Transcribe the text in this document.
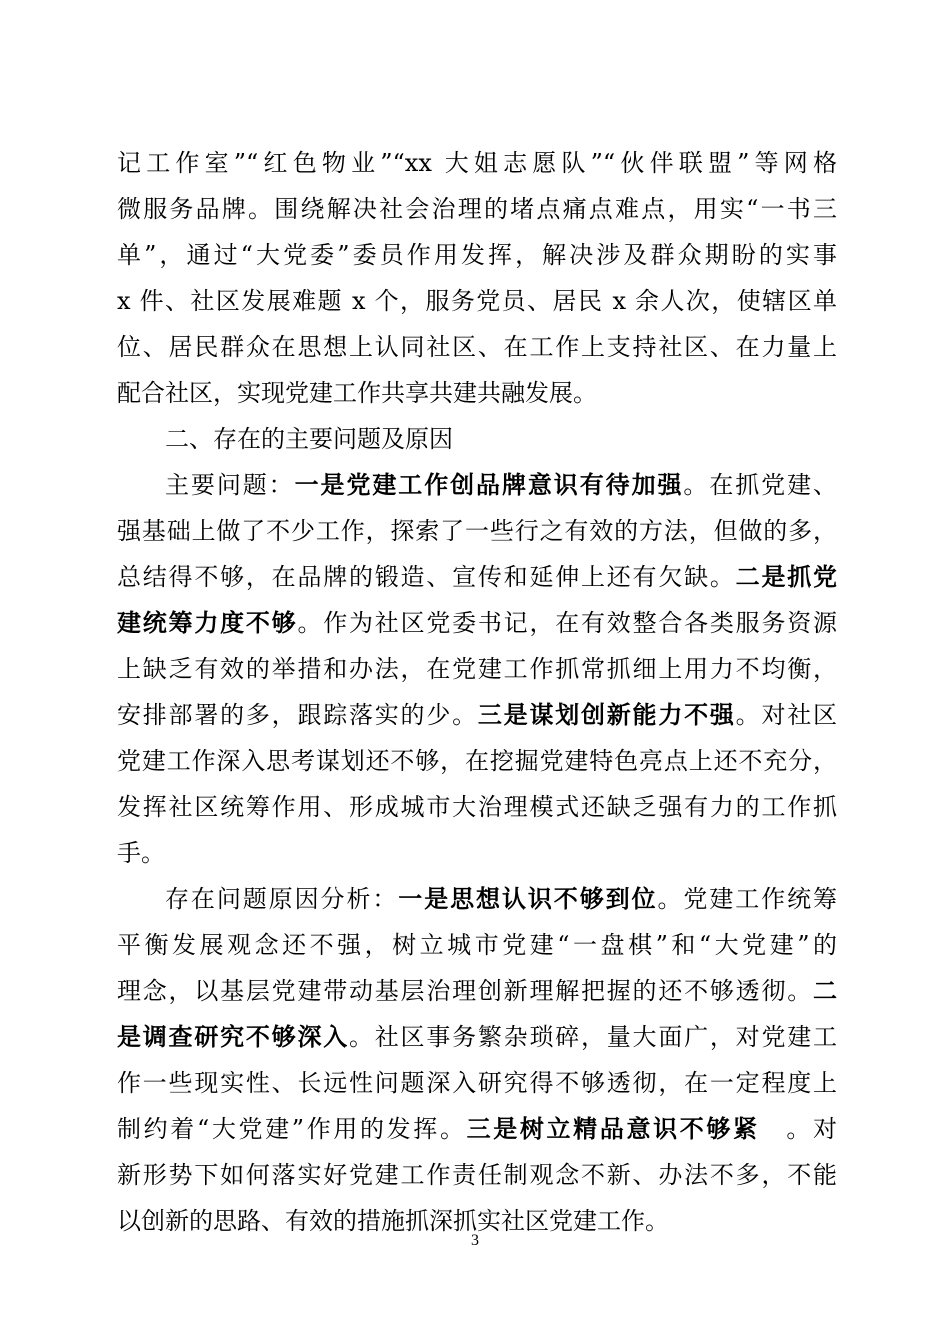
记工作室”“红色物业”“xx 大姐志愿队”“伙伴联盟”等网格
微服务品牌。围绕解决社会治理的堵点痛点难点，用实“一书三
单”，通过“大党委”委员作用发挥，解决涉及群众期盼的实事
x 件、社区发展难题 x 个，服务党员、居民 x 余人次，使辖区单
位、居民群众在思想上认同社区、在工作上支持社区、在力量上
配合社区，实现党建工作共享共建共融发展。
二、存在的主要问题及原因
主要问题：一是党建工作创品牌意识有待加强。在抓党建、
强基础上做了不少工作，探索了一些行之有效的方法，但做的多，
总结得不够，在品牌的锻造、宣传和延伸上还有欠缺。二是抓党
建统筹力度不够。作为社区党委书记，在有效整合各类服务资源
上缺乏有效的举措和办法，在党建工作抓常抓细上用力不均衡，
安排部署的多，跟踪落实的少。三是谋划创新能力不强。对社区
党建工作深入思考谋划还不够，在挖掘党建特色亮点上还不充分，
发挥社区统筹作用、形成城市大治理模式还缺乏强有力的工作抓
手。
存在问题原因分析：一是思想认识不够到位。党建工作统筹
平衡发展观念还不强，树立城市党建“一盘棋”和“大党建”的
理念，以基层党建带动基层治理创新理解把握的还不够透彻。二
是调查研究不够深入。社区事务繁杂琐碎，量大面广，对党建工
作一些现实性、长远性问题深入研究得不够透彻，在一定程度上
制约着“大党建”作用的发挥。三是树立精品意识不够紧　。对
新形势下如何落实好党建工作责任制观念不新、办法不多，不能
以创新的思路、有效的措施抓深抓实社区党建工作。
3
